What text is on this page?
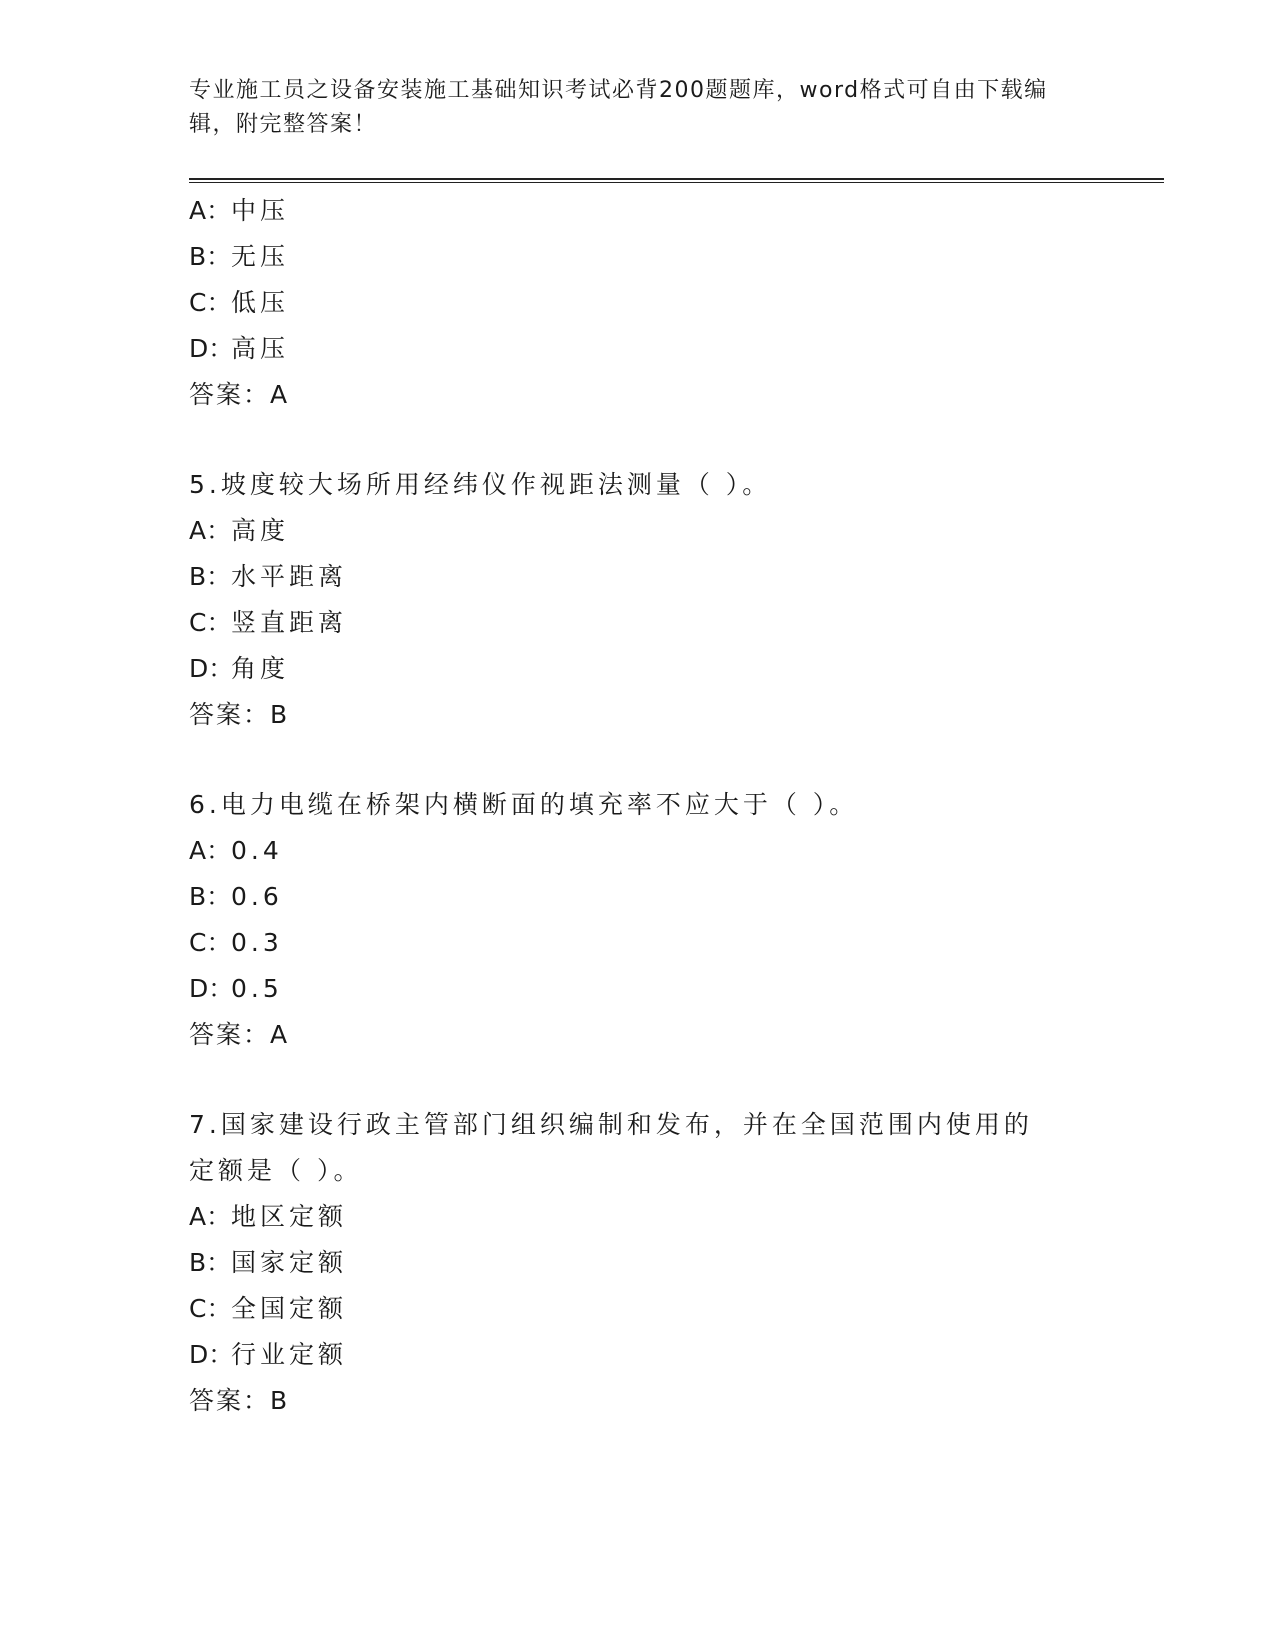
专业施工员之设备安装施工基础知识考试必背200题题库，word格式可自由下载编辑，附完整答案！
A：中压
B：无压
C：低压
D：高压
答案：A
5.坡度较大场所用经纬仪作视距法测量（ ）。
A：高度
B：水平距离
C：竖直距离
D：角度
答案：B
6.电力电缆在桥架内横断面的填充率不应大于（ ）。
A：0.4
B：0.6
C：0.3
D：0.5
答案：A
7.国家建设行政主管部门组织编制和发布，并在全国范围内使用的定额是（ ）。
A：地区定额
B：国家定额
C：全国定额
D：行业定额
答案：B
